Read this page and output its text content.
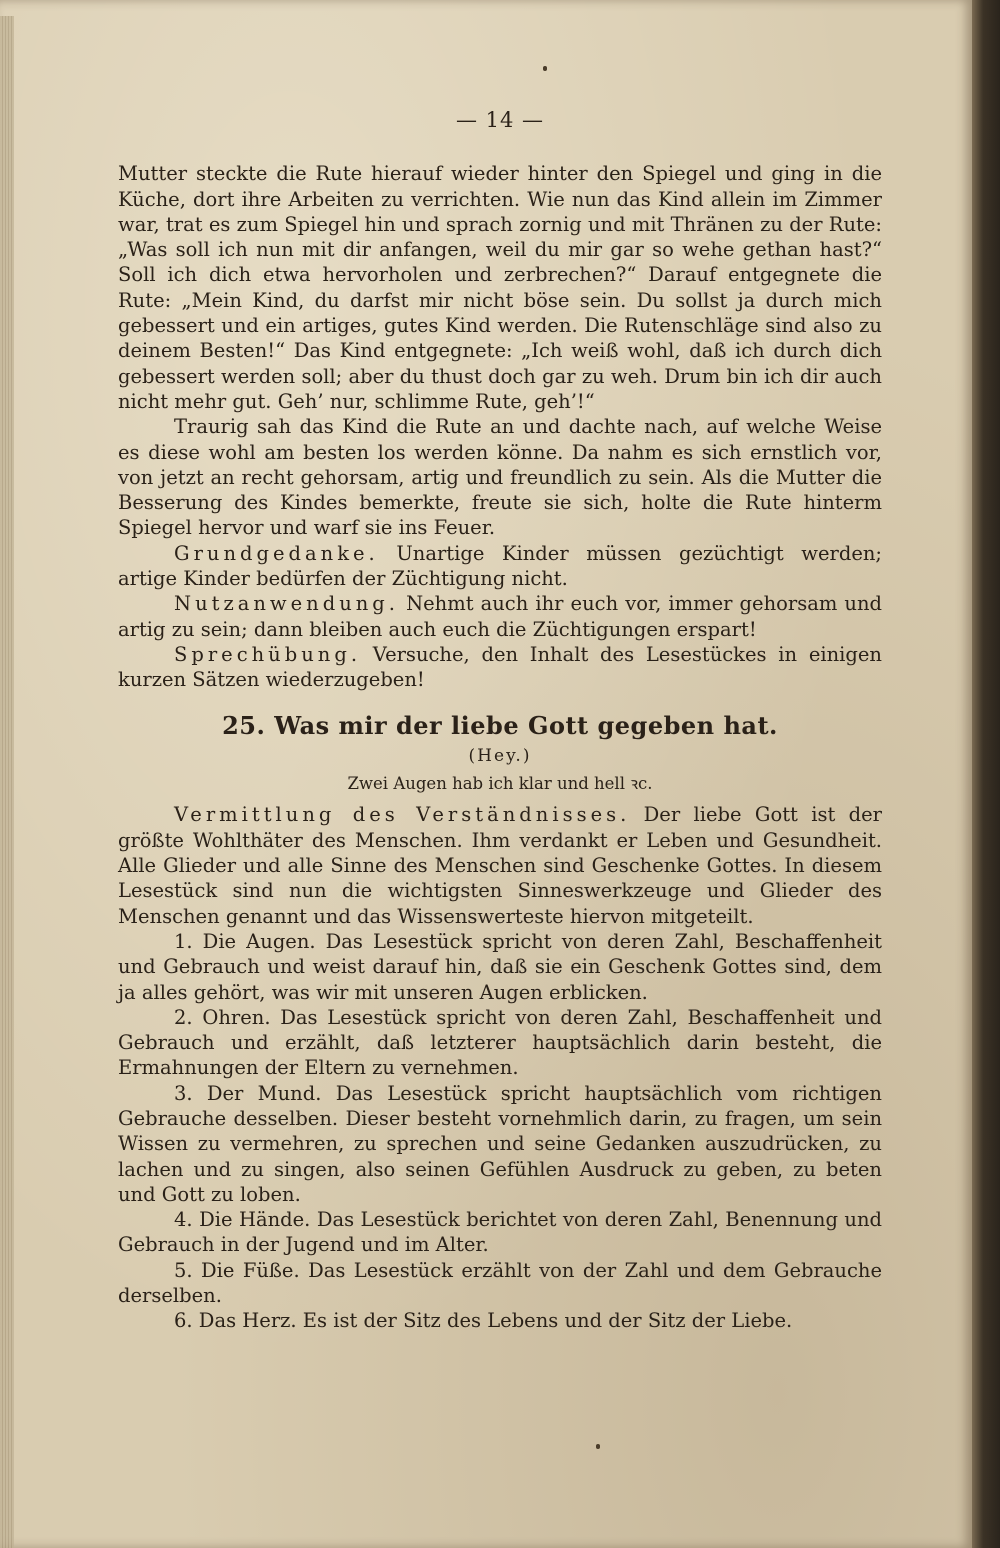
— 14 —

Mutter steckte die Rute hierauf wieder hinter den Spiegel und ging in die Küche, dort ihre Arbeiten zu verrichten. Wie nun das Kind allein im Zimmer war, trat es zum Spiegel hin und sprach zornig und mit Thränen zu der Rute: „Was soll ich nun mit dir anfangen, weil du mir gar so wehe gethan hast?“ Soll ich dich etwa hervorholen und zerbrechen?“ Darauf entgegnete die Rute: „Mein Kind, du darfst mir nicht böse sein. Du sollst ja durch mich gebessert und ein artiges, gutes Kind werden. Die Rutenschläge sind also zu deinem Besten!“ Das Kind entgegnete: „Ich weiß wohl, daß ich durch dich gebessert werden soll; aber du thust doch gar zu weh. Drum bin ich dir auch nicht mehr gut. Geh’ nur, schlimme Rute, geh’!“

Traurig sah das Kind die Rute an und dachte nach, auf welche Weise es diese wohl am besten los werden könne. Da nahm es sich ernstlich vor, von jetzt an recht gehorsam, artig und freundlich zu sein. Als die Mutter die Besserung des Kindes bemerkte, freute sie sich, holte die Rute hinterm Spiegel hervor und warf sie ins Feuer.

Grundgedanke. Unartige Kinder müssen gezüchtigt werden; artige Kinder bedürfen der Züchtigung nicht.

Nutzanwendung. Nehmt auch ihr euch vor, immer gehorsam und artig zu sein; dann bleiben auch euch die Züchtigungen erspart!

Sprechübung. Versuche, den Inhalt des Lesestückes in einigen kurzen Sätzen wiederzugeben!

25. Was mir der liebe Gott gegeben hat.
(Hey.)
Zwei Augen hab ich klar und hell ꝛc.

Vermittlung des Verständnisses. Der liebe Gott ist der größte Wohlthäter des Menschen. Ihm verdankt er Leben und Gesundheit. Alle Glieder und alle Sinne des Menschen sind Geschenke Gottes. In diesem Lesestück sind nun die wichtigsten Sinneswerkzeuge und Glieder des Menschen genannt und das Wissenswerteste hiervon mitgeteilt.

1. Die Augen. Das Lesestück spricht von deren Zahl, Beschaffenheit und Gebrauch und weist darauf hin, daß sie ein Geschenk Gottes sind, dem ja alles gehört, was wir mit unseren Augen erblicken.

2. Ohren. Das Lesestück spricht von deren Zahl, Beschaffenheit und Gebrauch und erzählt, daß letzterer hauptsächlich darin besteht, die Ermahnungen der Eltern zu vernehmen.

3. Der Mund. Das Lesestück spricht hauptsächlich vom richtigen Gebrauche desselben. Dieser besteht vornehmlich darin, zu fragen, um sein Wissen zu vermehren, zu sprechen und seine Gedanken auszudrücken, zu lachen und zu singen, also seinen Gefühlen Ausdruck zu geben, zu beten und Gott zu loben.

4. Die Hände. Das Lesestück berichtet von deren Zahl, Benennung und Gebrauch in der Jugend und im Alter.

5. Die Füße. Das Lesestück erzählt von der Zahl und dem Gebrauche derselben.

6. Das Herz. Es ist der Sitz des Lebens und der Sitz der Liebe.
